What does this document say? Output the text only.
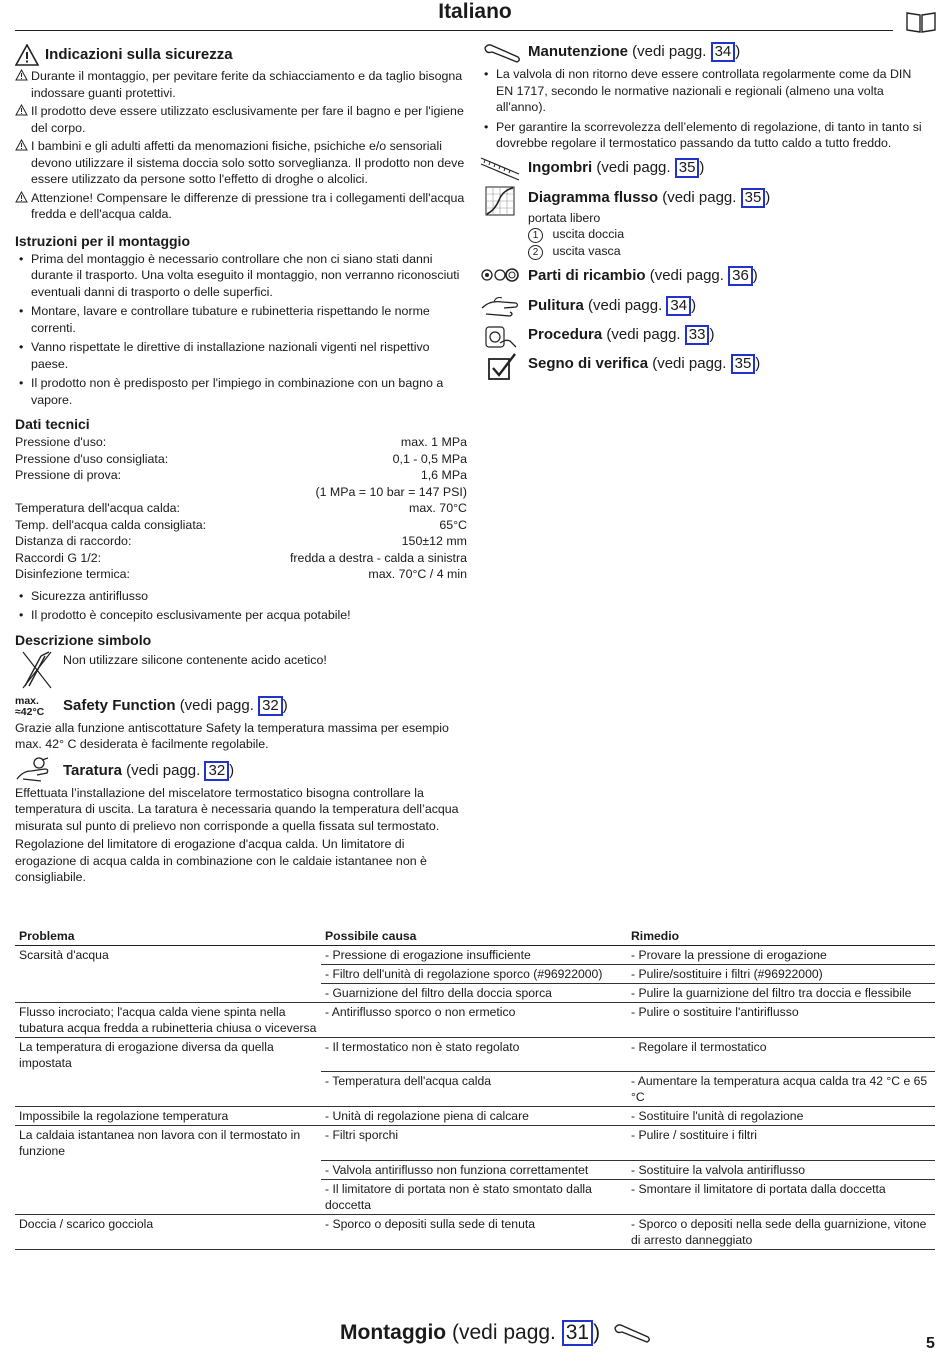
Italiano
Indicazioni sulla sicurezza
Durante il montaggio, per pevitare ferite da schiacciamento e da taglio bisogna indossare guanti protettivi.
Il prodotto deve essere utilizzato esclusivamente per fare il bagno e per l'igiene del corpo.
I bambini e gli adulti affetti da menomazioni fisiche, psichiche e/o sensoriali devono utilizzare il sistema doccia solo sotto sorveglianza. Il prodotto non deve essere utilizzato da persone sotto l'effetto di droghe o alcolici.
Attenzione! Compensare le differenze di pressione tra i collegamenti dell'acqua fredda e dell'acqua calda.
Istruzioni per il montaggio
• Prima del montaggio è necessario controllare che non ci siano stati danni durante il trasporto. Una volta eseguito il montaggio, non verranno riconosciuti eventuali danni di trasporto o delle superfici.
• Montare, lavare e controllare tubature e rubinetteria rispettando le norme correnti.
• Vanno rispettate le direttive di installazione nazionali vigenti nel rispettivo paese.
• Il prodotto non è predisposto per l'impiego in combinazione con un bagno a vapore.
Dati tecnici
Pressione d'uso:	max. 1 MPa
Pressione d'uso consigliata:	0,1 - 0,5 MPa
Pressione di prova:	1,6 MPa
(1 MPa = 10 bar = 147 PSI)
Temperatura dell'acqua calda:	max. 70°C
Temp. dell'acqua calda consigliata:	65°C
Distanza di raccordo:	150±12 mm
Raccordi G 1/2:	fredda a destra - calda a sinistra
Disinfezione termica:	max. 70°C / 4 min
• Sicurezza antiriflusso
• Il prodotto è concepito esclusivamente per acqua potabile!
Descrizione simbolo
Non utilizzare silicone contenente acido acetico!
max.
≈42°C Safety Function (vedi pagg. 32 )
Grazie alla funzione antiscottature Safety la temperatura massima per esempio max. 42° C desiderata è facilmente regolabile.
Taratura (vedi pagg. 32 )
Effettuata l’installazione del miscelatore termostatico bisogna controllare la temperatura di uscita. La taratura è necessaria quando la temperatura dell’acqua misurata sul punto di prelievo non corrisponde a quella fissata sul termostato.
Regolazione del limitatore di erogazione d'acqua calda. Un limitatore di erogazione di acqua calda in combinazione con le caldaie istantanee non è consigliabile.
Manutenzione (vedi pagg. 34 )
• La valvola di non ritorno deve essere controllata regolarmente come da DIN EN 1717, secondo le normative nazionali e regionali (almeno una volta all'anno).
• Per garantire la scorrevolezza dell’elemento di regolazione, di tanto in tanto si dovrebbe regolare il termostatico passando da tutto caldo a tutto freddo.
Ingombri (vedi pagg. 35 )
Diagramma flusso (vedi pagg. 35 )
portata libero
1 uscita doccia
2 uscita vasca
Parti di ricambio (vedi pagg. 36 )
Pulitura (vedi pagg. 34 )
Procedura (vedi pagg. 33 )
Segno di verifica (vedi pagg. 35 )
Problema	Possibile causa	Rimedio
Scarsità d'acqua	- Pressione di erogazione insufficiente	- Provare la pressione di erogazione
	- Filtro dell'unità di regolazione sporco (#96922000)	- Pulire/sostituire i filtri (#96922000)
	- Guarnizione del filtro della doccia sporca	- Pulire la guarnizione del filtro tra doccia e flessibile
Flusso incrociato; l'acqua calda viene spinta nella tubatura acqua fredda a rubinetteria chiusa o viceversa	- Antiriflusso sporco o non ermetico	- Pulire o sostituire l'antiriflusso
La temperatura di erogazione diversa da quella impostata	- Il termostatico non è stato regolato	- Regolare il termostatico
	- Temperatura dell'acqua calda	- Aumentare la temperatura acqua calda tra 42 °C e 65 °C
Impossibile la regolazione temperatura	- Unità di regolazione piena di calcare	- Sostituire l'unità di regolazione
La caldaia istantanea non lavora con il termostato in funzione	- Filtri sporchi	- Pulire / sostituire i filtri
	- Valvola antiriflusso non funziona correttamentet	- Sostituire la valvola antiriflusso
	- Il limitatore di portata non è stato smontato dalla doccetta	- Smontare il limitatore di portata dalla doccetta
Doccia / scarico gocciola	- Sporco o depositi sulla sede di tenuta	- Sporco o depositi nella sede della guarnizione, vitone di arresto danneggiato
Montaggio (vedi pagg. 31 )	5
